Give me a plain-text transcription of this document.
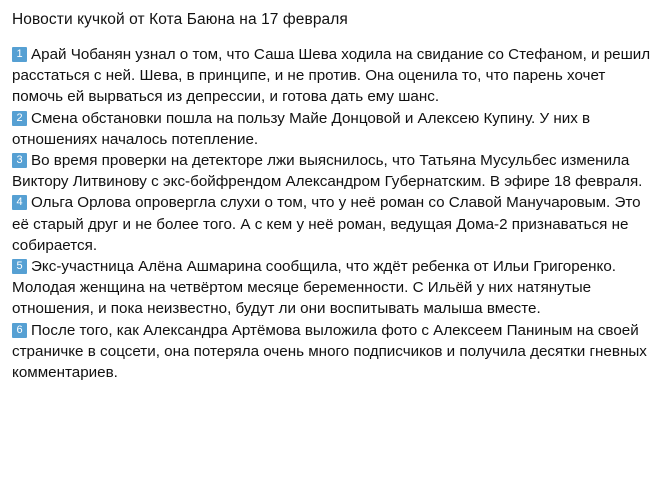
Новости кучкой от Кота Баюна на 17 февраля
1 Арай Чобанян узнал о том, что Саша Шева ходила на свидание со Стефаном, и решил расстаться с ней. Шева, в принципе, и не против. Она оценила то, что парень хочет помочь ей вырваться из депрессии, и готова дать ему шанс.
2 Смена обстановки пошла на пользу Майе Донцовой и Алексею Купину. У них в отношениях началось потепление.
3 Во время проверки на детекторе лжи выяснилось, что Татьяна Мусульбес изменила Виктору Литвинову с экс-бойфрендом Александром Губернатским. В эфире 18 февраля.
4 Ольга Орлова опровергла слухи о том, что у неё роман со Славой Манучаровым. Это её старый друг и не более того. А с кем у неё роман, ведущая Дома-2 признаваться не собирается.
5 Экс-участница Алёна Ашмарина сообщила, что ждёт ребенка от Ильи Григоренко. Молодая женщина на четвёртом месяце беременности. С Ильёй у них натянутые отношения, и пока неизвестно, будут ли они воспитывать малыша вместе.
6 После того, как Александра Артёмова выложила фото с Алексеем Паниным на своей страничке в соцсети, она потеряла очень много подписчиков и получила десятки гневных комментариев.
